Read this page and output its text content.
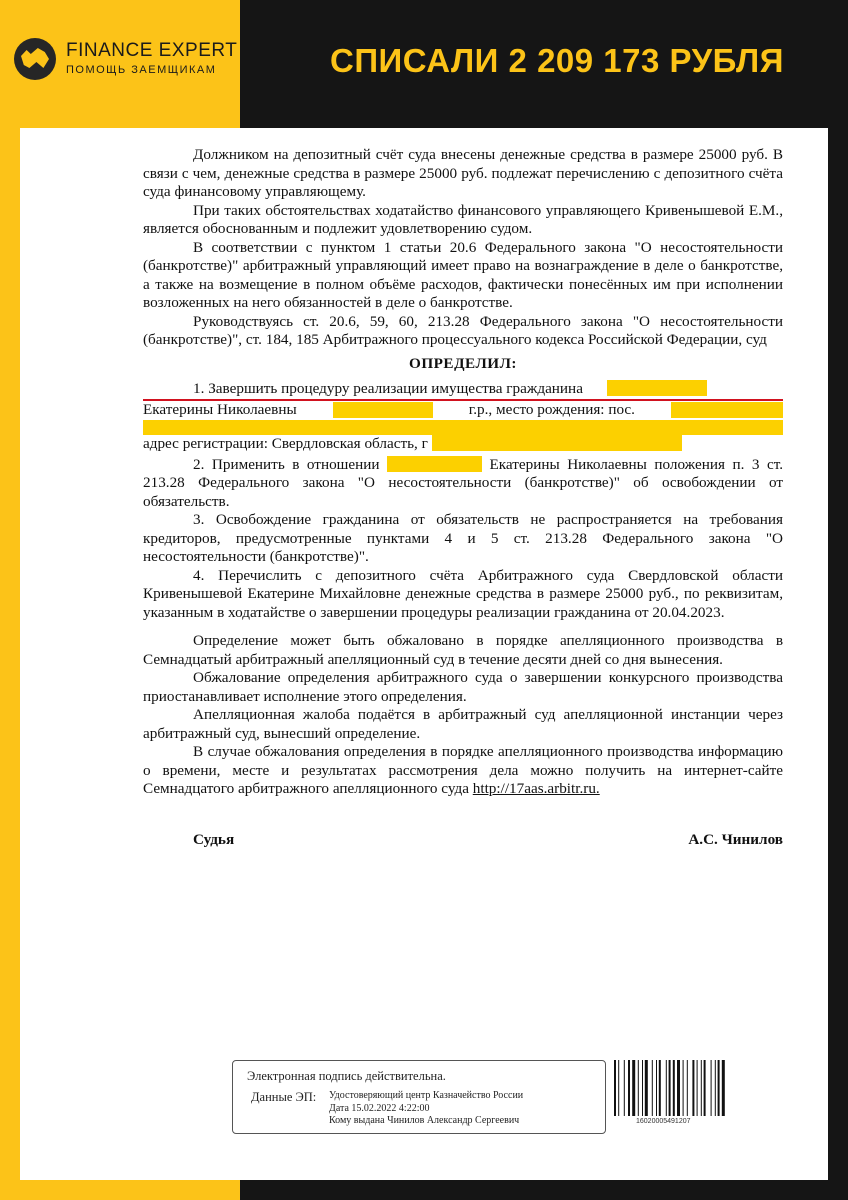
FINANCE EXPERT
ПОМОЩЬ ЗАЕМЩИКАМ	СПИСАЛИ 2 209 173 РУБЛЯ

Должником на депозитный счёт суда внесены денежные средства в размере 25000 руб. В связи с чем, денежные средства в размере 25000 руб. подлежат перечислению с депозитного счёта суда финансовому управляющему.

При таких обстоятельствах ходатайство финансового управляющего Кривенышевой Е.М., является обоснованным и подлежит удовлетворению судом.

В соответствии с пунктом 1 статьи 20.6 Федерального закона "О несостоятельности (банкротстве)" арбитражный управляющий имеет право на вознаграждение в деле о банкротстве, а также на возмещение в полном объёме расходов, фактически понесённых им при исполнении возложенных на него обязанностей в деле о банкротстве.

Руководствуясь ст. 20.6, 59, 60, 213.28 Федерального закона "О несостоятельности (банкротстве)", ст. 184, 185 Арбитражного процессуального кодекса Российской Федерации, суд

ОПРЕДЕЛИЛ:
1. Завершить процедуру реализации имущества гражданина
Екатерины Николаевны	г.р., место рождения: пос.
адрес регистрации: Свердловская область, г

2. Применить в отношении	Екатерины Николаевны положения п. 3 ст. 213.28 Федерального закона "О несостоятельности (банкротстве)" об освобождении от обязательств.

3. Освобождение гражданина от обязательств не распространяется на требования кредиторов, предусмотренные пунктами 4 и 5 ст. 213.28 Федерального закона "О несостоятельности (банкротстве)".

4. Перечислить с депозитного счёта Арбитражного суда Свердловской области Кривенышевой Екатерине Михайловне денежные средства в размере 25000 руб., по реквизитам, указанным в ходатайстве о завершении процедуры реализации гражданина от 20.04.2023.

Определение может быть обжаловано в порядке апелляционного производства в Семнадцатый арбитражный апелляционный суд в течение десяти дней со дня вынесения.

Обжалование определения арбитражного суда о завершении конкурсного производства приостанавливает исполнение этого определения.

Апелляционная жалоба подаётся в арбитражный суд апелляционной инстанции через арбитражный суд, вынесший определение.

В случае обжалования определения в порядке апелляционного производства информацию о времени, месте и результатах рассмотрения дела можно получить на интернет-сайте Семнадцатого арбитражного апелляционного суда http://17aas.arbitr.ru.

Судья	А.С. Чинилов
Электронная подпись действительна.
Данные ЭП: Удостоверяющий центр Казначейство России
Дата 15.02.2022 4:22:00
Кому выдана Чинилов Александр Сергеевич	16020005491207
